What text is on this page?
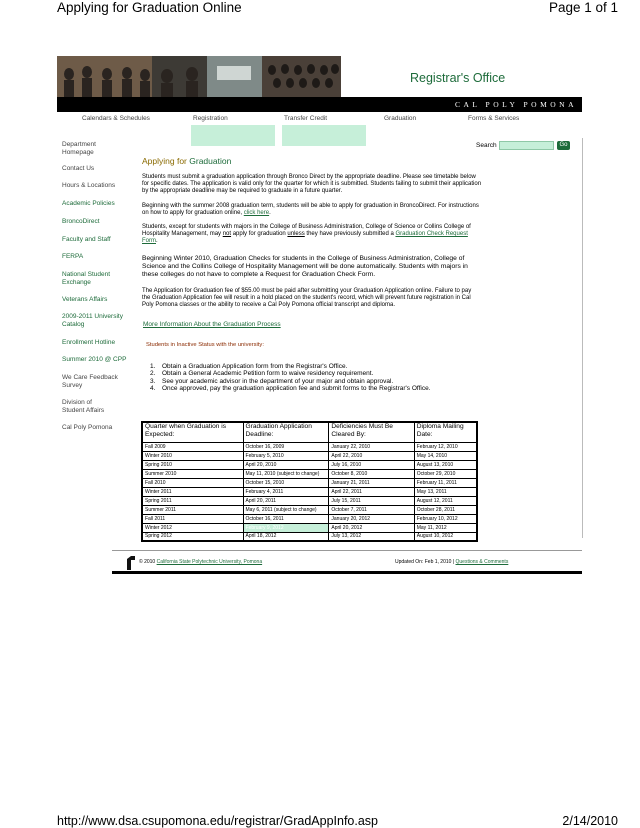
Applying for Graduation Online	Page 1 of 1
http://www.dsa.csupomona.edu/registrar/GradAppInfo.asp	2/14/2010
Registrar's Office
CAL POLY POMONA
Calendars & Schedules	Registration	Transfer Credit	Graduation	Forms & Services
Department Homepage
Contact Us
Hours & Locations
Academic Policies
BroncoDirect
Faculty and Staff
FERPA
National Student Exchange
Veterans Affairs
2009-2011 University Catalog
Enrollment Hotline
Summer 2010 @ CPP
We Care Feedback Survey
Division of Student Affairs
Cal Poly Pomona
Search	Go
Applying for Graduation
Students must submit a graduation application through Bronco Direct by the appropriate deadline. Please see timetable below for specific dates. The application is valid only for the quarter for which it is submitted. Students failing to submit their application by the appropriate deadline may be required to graduate in a future quarter.
Beginning with the summer 2008 graduation term, students will be able to apply for graduation in BroncoDirect. For instructions on how to apply for graduation online, click here.
Students, except for students with majors in the College of Business Administration, College of Science or Collins College of Hospitality Management, may not apply for graduation unless they have previously submitted a Graduation Check Request Form.
Beginning Winter 2010, Graduation Checks for students in the College of Business Administration, College of Science and the Collins College of Hospitality Management will be done automatically. Students with majors in these colleges do not have to complete a Request for Graduation Check Form.
The Application for Graduation fee of $55.00 must be paid after submitting your Graduation Application online. Failure to pay the Graduation Application fee will result in a hold placed on the student's record, which will prevent future registration in Cal Poly Pomona classes or the ability to receive a Cal Poly Pomona official transcript and diploma.
More Information About the Graduation Process
Students in Inactive Status with the university:
1. Obtain a Graduation Application form from the Registrar's Office.
2. Obtain a General Academic Petition form to waive residency requirement.
3. See your academic advisor in the department of your major and obtain approval.
4. Once approved, pay the graduation application fee and submit forms to the Registrar's Office.
Quarter when Graduation is Expected:	Graduation Application Deadline:	Deficiencies Must Be Cleared By:	Diploma Mailing Date:
Fall 2009	October 16, 2009	January 22, 2010	February 12, 2010
Winter 2010	February 5, 2010	April 22, 2010	May 14, 2010
Spring 2010	April 20, 2010	July 16, 2010	August 13, 2010
Summer 2010	May 11, 2010 (subject to change)	October 8, 2010	October 29, 2010
Fall 2010	October 15, 2010	January 21, 2011	February 11, 2011
Winter 2011	February 4, 2011	April 22, 2011	May 13, 2011
Spring 2011	April 20, 2011	July 15, 2011	August 12, 2011
Summer 2011	May 6, 2011 (subject to change)	October 7, 2011	October 28, 2011
Fall 2011	October 16, 2011	January 20, 2012	February 10, 2012
Winter 2012	February 9, 2012	April 20, 2012	May 11, 2012
Spring 2012	April 18, 2012	July 13, 2012	August 10, 2012
© 2010 California State Polytechnic University, Pomona	Updated On: Feb 1, 2010 | Questions & Comments
